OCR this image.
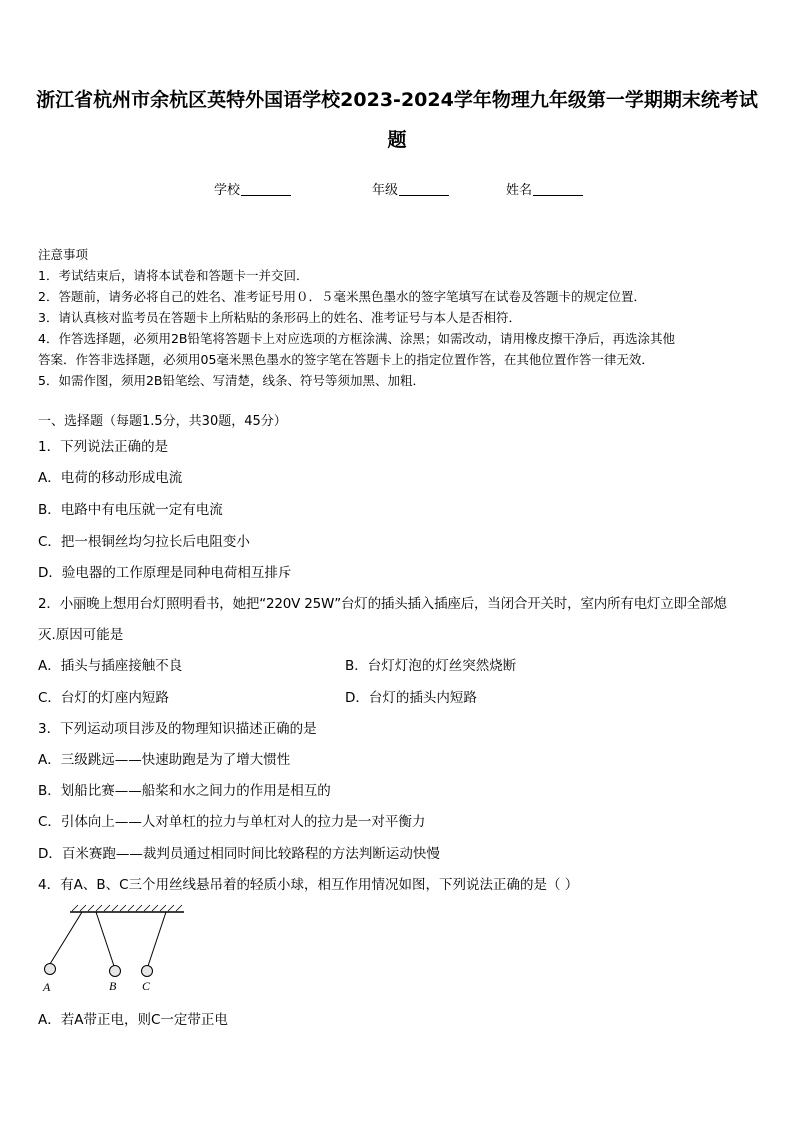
浙江省杭州市余杭区英特外国语学校2023-2024学年物理九年级第一学期期末统考试
题
学校	年级	姓名
注意事项
1．考试结束后，请将本试卷和答题卡一并交回．
2．答题前，请务必将自己的姓名、准考证号用０．５毫米黑色墨水的签字笔填写在试卷及答题卡的规定位置．
3．请认真核对监考员在答题卡上所粘贴的条形码上的姓名、准考证号与本人是否相符．
4．作答选择题，必须用2B铅笔将答题卡上对应选项的方框涂满、涂黑；如需改动，请用橡皮擦干净后，再选涂其他
答案．作答非选择题，必须用05毫米黑色墨水的签字笔在答题卡上的指定位置作答，在其他位置作答一律无效．
5．如需作图，须用2B铅笔绘、写清楚，线条、符号等须加黑、加粗．
一、选择题（每题1.5分，共30题，45分）
1．下列说法正确的是
A．电荷的移动形成电流
B．电路中有电压就一定有电流
C．把一根铜丝均匀拉长后电阻变小
D．验电器的工作原理是同种电荷相互排斥
2．小丽晚上想用台灯照明看书，她把“220V 25W”台灯的插头插入插座后，当闭合开关时，室内所有电灯立即全部熄
灭.原因可能是
A．插头与插座接触不良	B．台灯灯泡的灯丝突然烧断
C．台灯的灯座内短路	D．台灯的插头内短路
3．下列运动项目涉及的物理知识描述正确的是
A．三级跳远——快速助跑是为了增大惯性
B．划船比赛——船桨和水之间力的作用是相互的
C．引体向上——人对单杠的拉力与单杠对人的拉力是一对平衡力
D．百米赛跑——裁判员通过相同时间比较路程的方法判断运动快慢
4．有A、B、C三个用丝线悬吊着的轻质小球，相互作用情况如图，下列说法正确的是（ ）
A	B C
A．若A带正电，则C一定带正电
